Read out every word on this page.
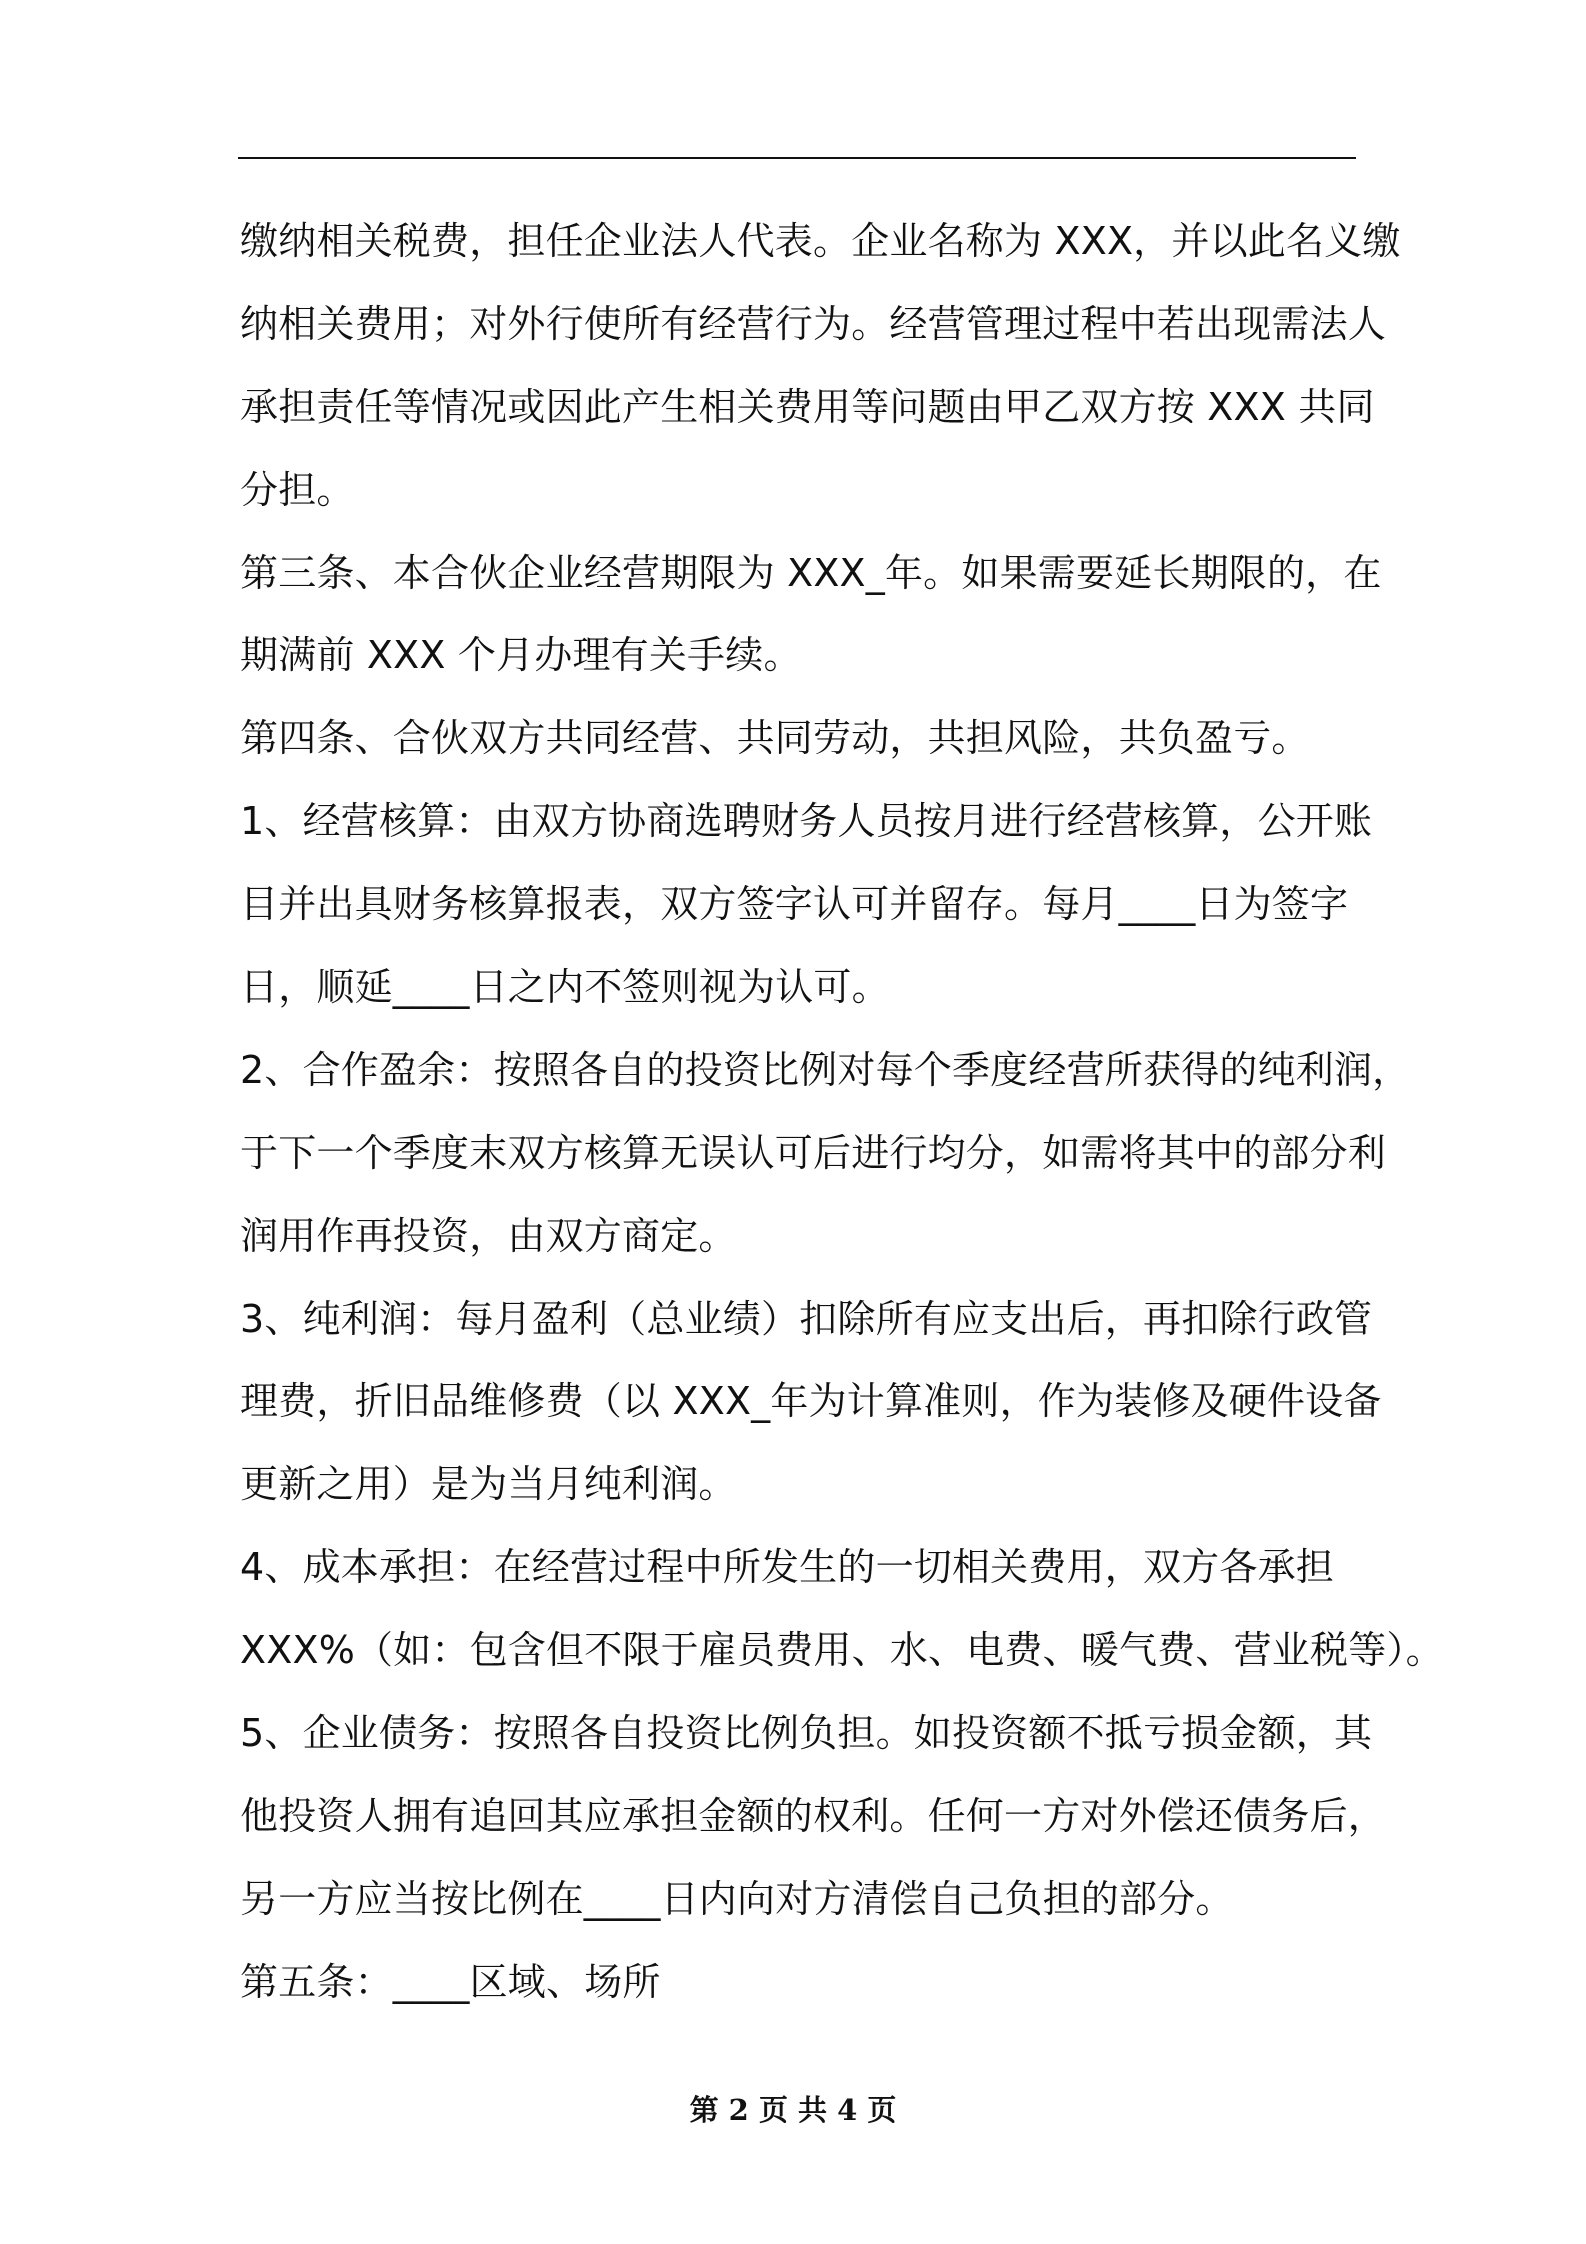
缴纳相关税费，担任企业法人代表。企业名称为 XXX，并以此名义缴
纳相关费用；对外行使所有经营行为。经营管理过程中若出现需法人
承担责任等情况或因此产生相关费用等问题由甲乙双方按 XXX 共同
分担。
第三条、本合伙企业经营期限为 XXX_年。如果需要延长期限的，在
期满前 XXX 个月办理有关手续。
第四条、合伙双方共同经营、共同劳动，共担风险，共负盈亏。
1、经营核算：由双方协商选聘财务人员按月进行经营核算，公开账
目并出具财务核算报表，双方签字认可并留存。每月____日为签字
日，顺延____日之内不签则视为认可。
2、合作盈余：按照各自的投资比例对每个季度经营所获得的纯利润，
于下一个季度末双方核算无误认可后进行均分，如需将其中的部分利
润用作再投资，由双方商定。
3、纯利润：每月盈利（总业绩）扣除所有应支出后，再扣除行政管
理费，折旧品维修费（以 XXX_年为计算准则，作为装修及硬件设备
更新之用）是为当月纯利润。
4、成本承担：在经营过程中所发生的一切相关费用，双方各承担
XXX%（如：包含但不限于雇员费用、水、电费、暖气费、营业税等）。
5、企业债务：按照各自投资比例负担。如投资额不抵亏损金额，其
他投资人拥有追回其应承担金额的权利。任何一方对外偿还债务后，
另一方应当按比例在____日内向对方清偿自己负担的部分。
第五条：____区域、场所
第 2 页 共 4 页
